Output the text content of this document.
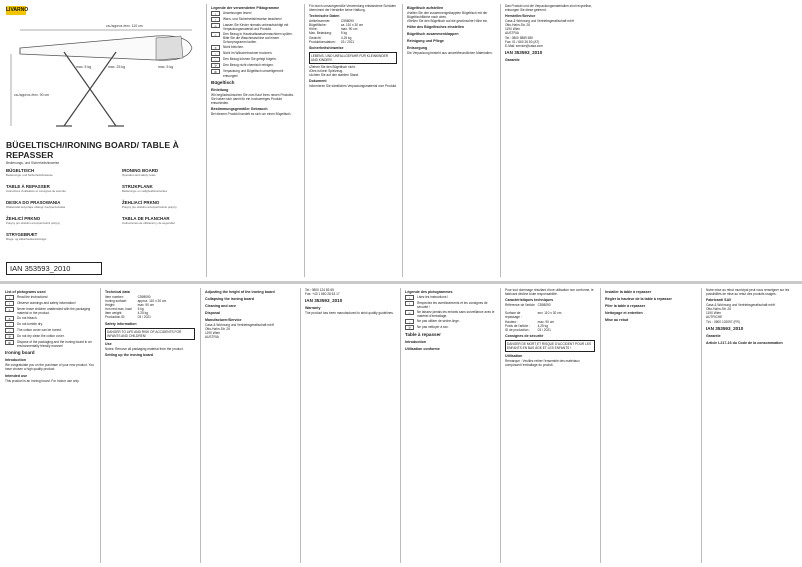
LIVARNO
ca./approx./env. 110 cm
ca./approx./env. 90 cm
max. 5 kg	max. 25 kg	max. 5 kg
BÜGELTISCH/IRONING BOARD/ TABLE À REPASSER
Bedienungs- und Sicherheitshinweise
BÜGELTISCH
Bedienungs- und Sicherheitshinweise
TABLE À REPASSER
Instructions d'utilisation et consignes de sécurité
DESKA DO PRASOWANIA
Wskazówki dotyczące obsługi i bezpieczeństwa
ŽEHLICÍ PRKNO
Pokyny pro obsluhu a bezpečnostní pokyny
STRYGEBRÆT
Brugs- og sikkerhedsanvisninger
IRONING BOARD
Operation and safety notes
STRIJKPLANK
Bedienings- en veiligheidsinstructies
ŽEHLIACÍ PRKNO
Pokyny pre obsluhu a bezpečnostné pokyny
TABLA DE PLANCHAR
Instrucciones de utilización y de seguridad
IAN 353593_2010
Legende der verwendeten Piktogramme
i	Anweisungen lesen!
!	Warn- und Sicherheitshinweise beachten!
☺	Lassen Sie Kinder niemals unbeaufsichtigt mit Verpackungsmaterial und Produkt.
≈	Den Bezug in Haushaltswaschmaschinen spülen. Bitte Sie die Waschmaschine auf einem Schonprogramm laufen.
✕	Nicht bleichen.
○	Nicht im Wäschetrockner trocknen.
⌂	Den Bezug können Sie gelegt bügeln.
Ⓟ	Den Bezug nicht chemisch reinigen.
♻	Verpackung und Bügeltisch umweltgerecht entsorgen!
Bügeltisch
Einleitung
Wir beglückwünschen Sie zum Kauf Ihres neuen Produkts. Sie haben sich damit für ein hochwertiges Produkt entschieden.
Bestimmungsgemäßer Gebrauch
Bei diesem Produkt handelt es sich um einen Bügeltisch.
Für durch unsachgemäße Verwendung entstandene Schäden übernimmt der Hersteller keine Haftung.
Technische Daten
Artikelnummer:	C598090
Bügelfläche:	ca. 110 x 30 cm
Höhe:	max. 90 cm
Max. Belastung:	5 kg
Gewicht:	4,25 kg
Produktionsdatum:	03 / 2021
Sicherheitshinweise
LEBENS- UND UNFALLGEFAHR FÜR KLEINKINDER UND KINDER!
• Ziehen Sie den Bügeltisch nicht.
• Dies ist kein Spielzeug.
• Achten Sie auf den stabilen Stand.
Dokument
Informieren Sie sämtliches Verpackungsmaterial vom Produkt.
Bügeltisch aufstellen
• Halten Sie den zusammengeklappten Bügeltisch mit der Bügeltischfläche nach oben.
• Stellen Sie den Bügeltisch auf die gewünschte Höhe ein.
Höhe des Bügeltisches einstellen
Bügeltisch zusammenklappen
Reinigung und Pflege
Entsorgung
Die Verpackung besteht aus umweltfreundlichen Materialien.
Das Produkt und die Verpackungsmaterialien sind recycelbar, entsorgen Sie diese getrennt.
Hersteller/Service
Casa & Wohnung und Vertriebsgesellschaft mbH
Otto-Hahn-Str. 26
1190 Wien
AUSTRIA
Tel.: 0800 5889 580
Fax: 01 / 660 26 50 (AT)
E-Mail: service@casa.com
IAN 353593_2010
Garantie
List of pictograms used
i	Read the instructions!
!	Observe warnings and safety information!
☺	Never leave children unattended with the packaging material or the product.
✕	Do not bleach.
○	Do not tumble dry.
⌂	The cotton cover can be ironed.
Ⓟ	Do not dry clean the cotton cover.
♻	Dispose of the packaging and the ironing board in an environmentally friendly manner!
Ironing board
Introduction
We congratulate you on the purchase of your new product. You have chosen a high quality product.
Intended use
This product is an ironing board. For indoor use only.
Technical data
Item number:	C598090
Ironing surface:	approx. 110 x 30 cm
Height:	max. 90 cm
Iron rest max. load:	5 kg
Item weight:	4.25 kg
Production ID:	03 / 2021
Safety information
DANGER TO LIFE AND RISK OF ACCIDENTS FOR INFANTS AND CHILDREN!
Use
Notes: Remove all packaging material from the product.
Setting up the ironing board
Adjusting the height of the ironing board
Collapsing the ironing board
Cleaning and care
Disposal
Manufacturer/Service
Casa & Wohnung und Vertriebsgesellschaft mbH
Otto-Hahn-Str. 26
1190 Wien
AUSTRIA
Tel.: 0800 124 83 65
Fax: +43 1 660 28 63 17
IAN 353593_2010
Warranty
The product has been manufactured to strict quality guidelines.
Légende des pictogrammes
i	Lisez les instructions !
!	Respectez les avertissements et les consignes de sécurité !
☺	Ne laissez jamais les enfants sans surveillance avec le matériel d'emballage.
○	Ne pas utiliser de sèche-linge.
Ⓟ	Ne pas nettoyer à sec.
Table à repasser
Introduction
Utilisation conforme
Pour tout dommage résultant d'une utilisation non conforme, le fabricant décline toute responsabilité.
Caractéristiques techniques
Référence de l'article :
C598090
Surface de repassage :
env. 110 x 30 cm
Hauteur :	max. 90 cm
Poids de l'article :	4,25 kg
ID de production :	03 / 2021
Consignes de sécurité
DANGER DE MORT ET RISQUE D'ACCIDENT POUR LES ENFANTS EN BAS ÂGE ET LES ENFANTS !
Utilisation
Remarque : Veuillez retirer l'ensemble des matériaux composant l'emballage du produit.
Installer la table à repasser
Régler la hauteur de la table à repasser
Plier la table à repasser
Nettoyage et entretien
Mise au rebut
Notre mise au rebut municipal peut vous renseigner sur les possibilités de mise au rebut des produits usagés.
Fabricant/ SAV
Casa & Wohnung und Vertriebsgesellschaft mbH
Otto-Hahn-Str. 26
1190 Wien
AUTRICHE
Tél. : 0800 102097 (FR)
IAN 353593_2010
Garantie
Article L217-16 du Code de la consommation
